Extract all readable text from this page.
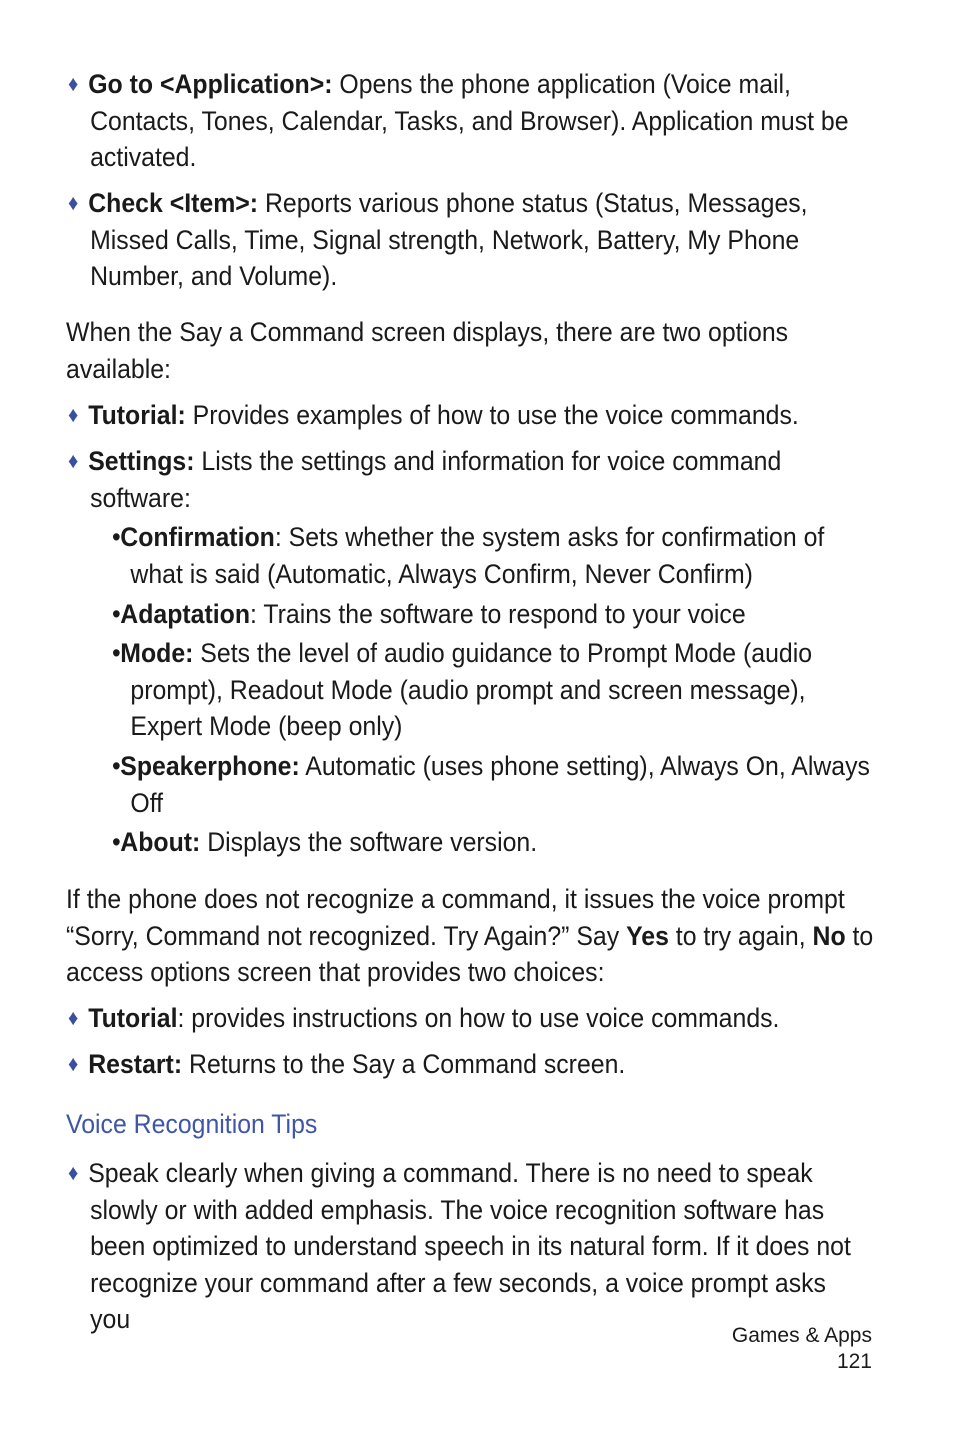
♦ Go to <Application>: Opens the phone application (Voice mail, Contacts, Tones, Calendar, Tasks, and Browser). Application must be activated.
♦ Check <Item>: Reports various phone status (Status, Messages, Missed Calls, Time, Signal strength, Network, Battery, My Phone Number, and Volume).
When the Say a Command screen displays, there are two options available:
♦ Tutorial: Provides examples of how to use the voice commands.
♦ Settings: Lists the settings and information for voice command software:
•Confirmation: Sets whether the system asks for confirmation of what is said (Automatic, Always Confirm, Never Confirm)
•Adaptation: Trains the software to respond to your voice
•Mode: Sets the level of audio guidance to Prompt Mode (audio prompt), Readout Mode (audio prompt and screen message), Expert Mode (beep only)
•Speakerphone: Automatic (uses phone setting), Always On, Always Off
•About: Displays the software version.
If the phone does not recognize a command, it issues the voice prompt “Sorry, Command not recognized. Try Again?” Say Yes to try again, No to access options screen that provides two choices:
♦ Tutorial: provides instructions on how to use voice commands.
♦ Restart: Returns to the Say a Command screen.
Voice Recognition Tips
♦ Speak clearly when giving a command. There is no need to speak slowly or with added emphasis. The voice recognition software has been optimized to understand speech in its natural form. If it does not recognize your command after a few seconds, a voice prompt asks you
Games & Apps
121
